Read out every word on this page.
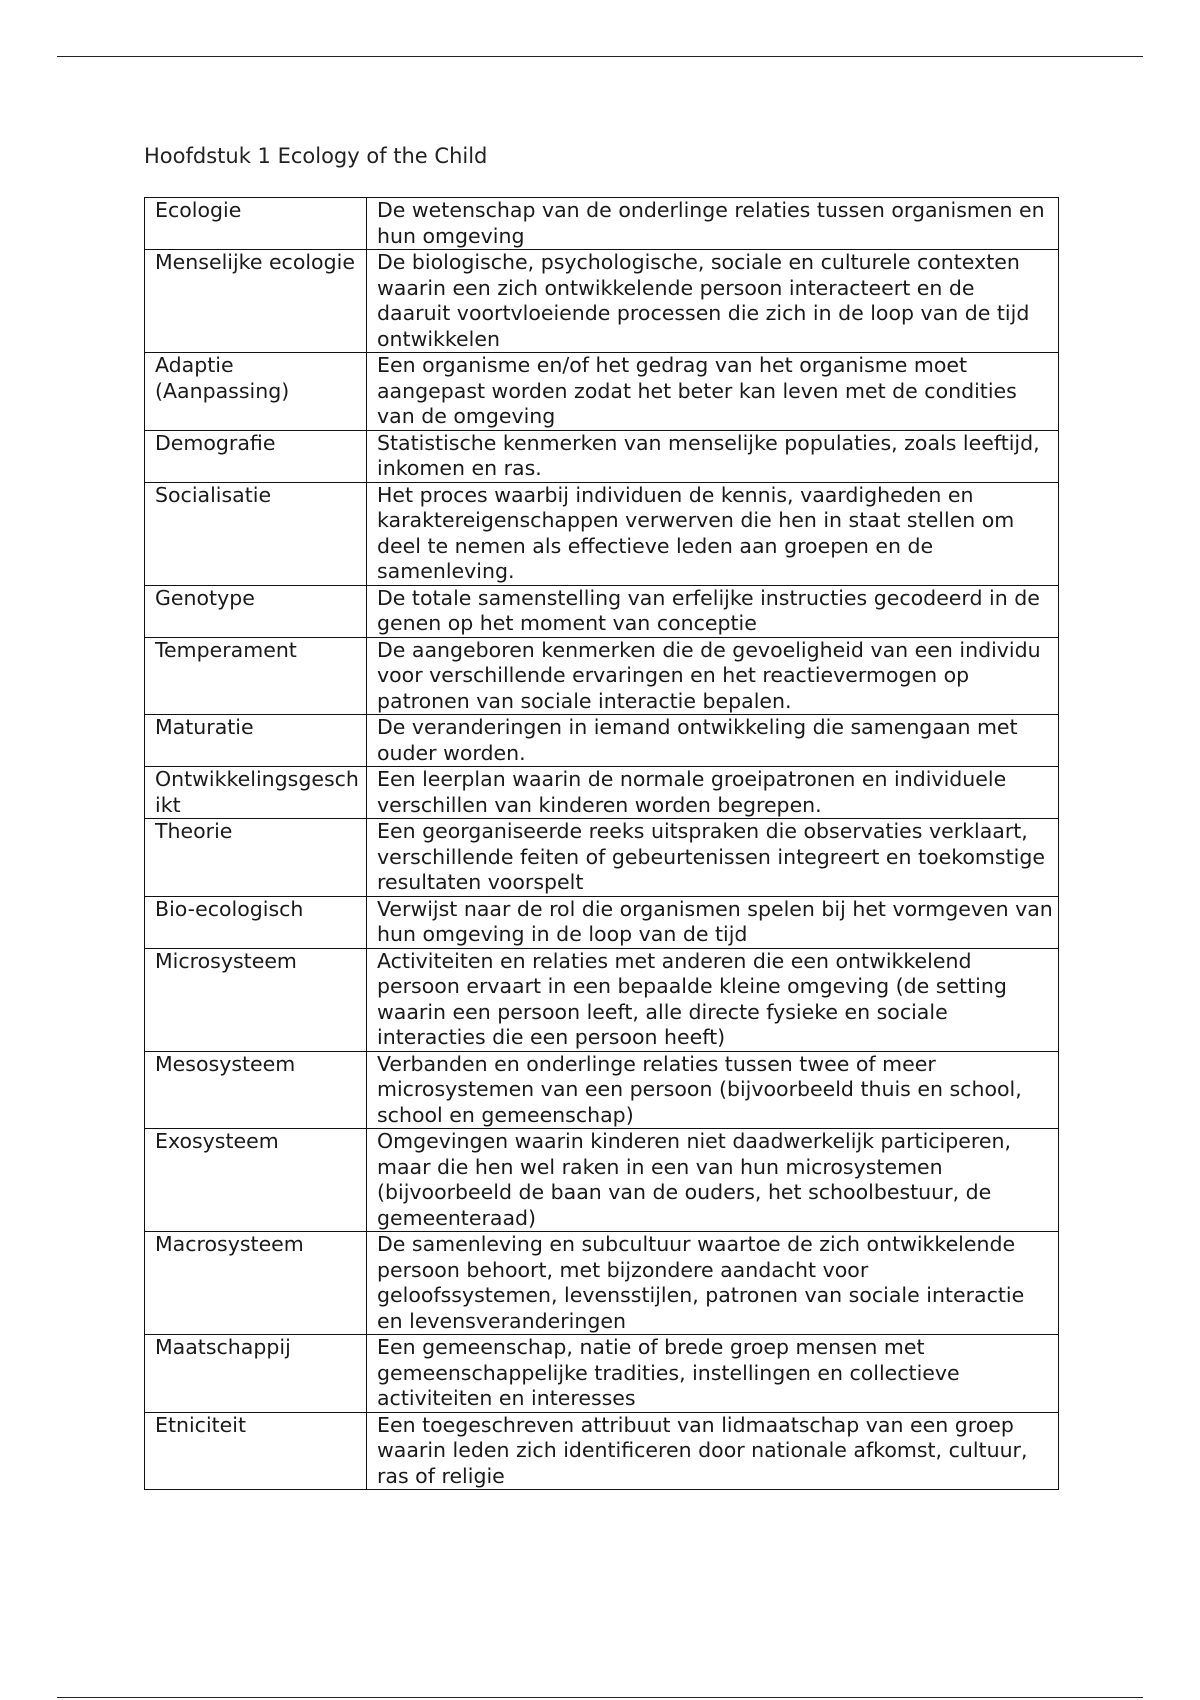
Hoofdstuk 1 Ecology of the Child
Ecologie	De wetenschap van de onderlinge relaties tussen organismen en hun omgeving
Menselijke ecologie	De biologische, psychologische, sociale en culturele contexten waarin een zich ontwikkelende persoon interacteert en de daaruit voortvloeiende processen die zich in de loop van de tijd ontwikkelen
Adaptie (Aanpassing)	Een organisme en/of het gedrag van het organisme moet aangepast worden zodat het beter kan leven met de condities van de omgeving
Demografie	Statistische kenmerken van menselijke populaties, zoals leeftijd, inkomen en ras.
Socialisatie	Het proces waarbij individuen de kennis, vaardigheden en karaktereigenschappen verwerven die hen in staat stellen om deel te nemen als effectieve leden aan groepen en de samenleving.
Genotype	De totale samenstelling van erfelijke instructies gecodeerd in de genen op het moment van conceptie
Temperament	De aangeboren kenmerken die de gevoeligheid van een individu voor verschillende ervaringen en het reactievermogen op patronen van sociale interactie bepalen.
Maturatie	De veranderingen in iemand ontwikkeling die samengaan met ouder worden.
Ontwikkelingsgeschikt	Een leerplan waarin de normale groeipatronen en individuele verschillen van kinderen worden begrepen.
Theorie	Een georganiseerde reeks uitspraken die observaties verklaart, verschillende feiten of gebeurtenissen integreert en toekomstige resultaten voorspelt
Bio-ecologisch	Verwijst naar de rol die organismen spelen bij het vormgeven van hun omgeving in de loop van de tijd
Microsysteem	Activiteiten en relaties met anderen die een ontwikkelend persoon ervaart in een bepaalde kleine omgeving (de setting waarin een persoon leeft, alle directe fysieke en sociale interacties die een persoon heeft)
Mesosysteem	Verbanden en onderlinge relaties tussen twee of meer microsystemen van een persoon (bijvoorbeeld thuis en school, school en gemeenschap)
Exosysteem	Omgevingen waarin kinderen niet daadwerkelijk participeren, maar die hen wel raken in een van hun microsystemen (bijvoorbeeld de baan van de ouders, het schoolbestuur, de gemeenteraad)
Macrosysteem	De samenleving en subcultuur waartoe de zich ontwikkelende persoon behoort, met bijzondere aandacht voor geloofssystemen, levensstijlen, patronen van sociale interactie en levensveranderingen
Maatschappij	Een gemeenschap, natie of brede groep mensen met gemeenschappelijke tradities, instellingen en collectieve activiteiten en interesses
Etniciteit	Een toegeschreven attribuut van lidmaatschap van een groep waarin leden zich identificeren door nationale afkomst, cultuur, ras of religie
